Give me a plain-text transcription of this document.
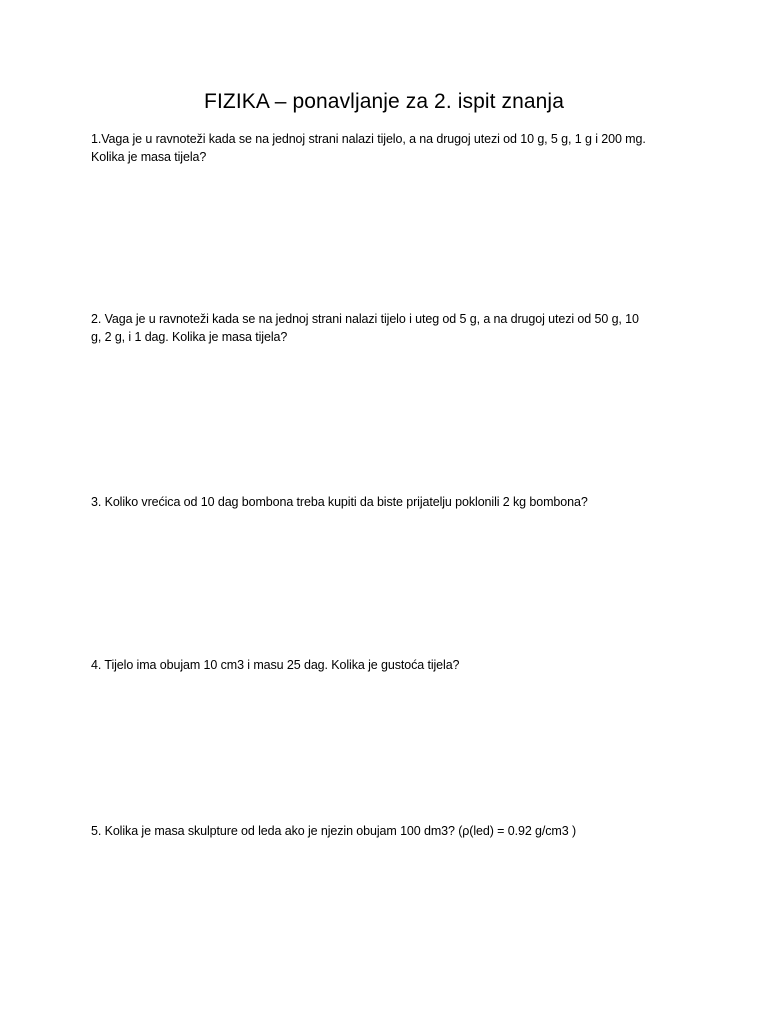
FIZIKA – ponavljanje za 2. ispit znanja
1.Vaga je u ravnoteži kada se na jednoj strani nalazi tijelo, a na drugoj utezi od 10 g, 5 g, 1 g i 200 mg.
Kolika je masa tijela?
2. Vaga je u ravnoteži kada se na jednoj strani nalazi tijelo i uteg od 5 g, a na drugoj utezi od 50 g, 10
g, 2 g, i 1 dag. Kolika je masa tijela?
3. Koliko vrećica od 10 dag bombona treba kupiti da biste prijatelju poklonili 2 kg bombona?
4. Tijelo ima obujam 10 cm3 i masu 25 dag. Kolika je gustoća tijela?
5. Kolika je masa skulpture od leda ako je njezin obujam 100 dm3? (ρ(led) = 0.92 g/cm3 )
